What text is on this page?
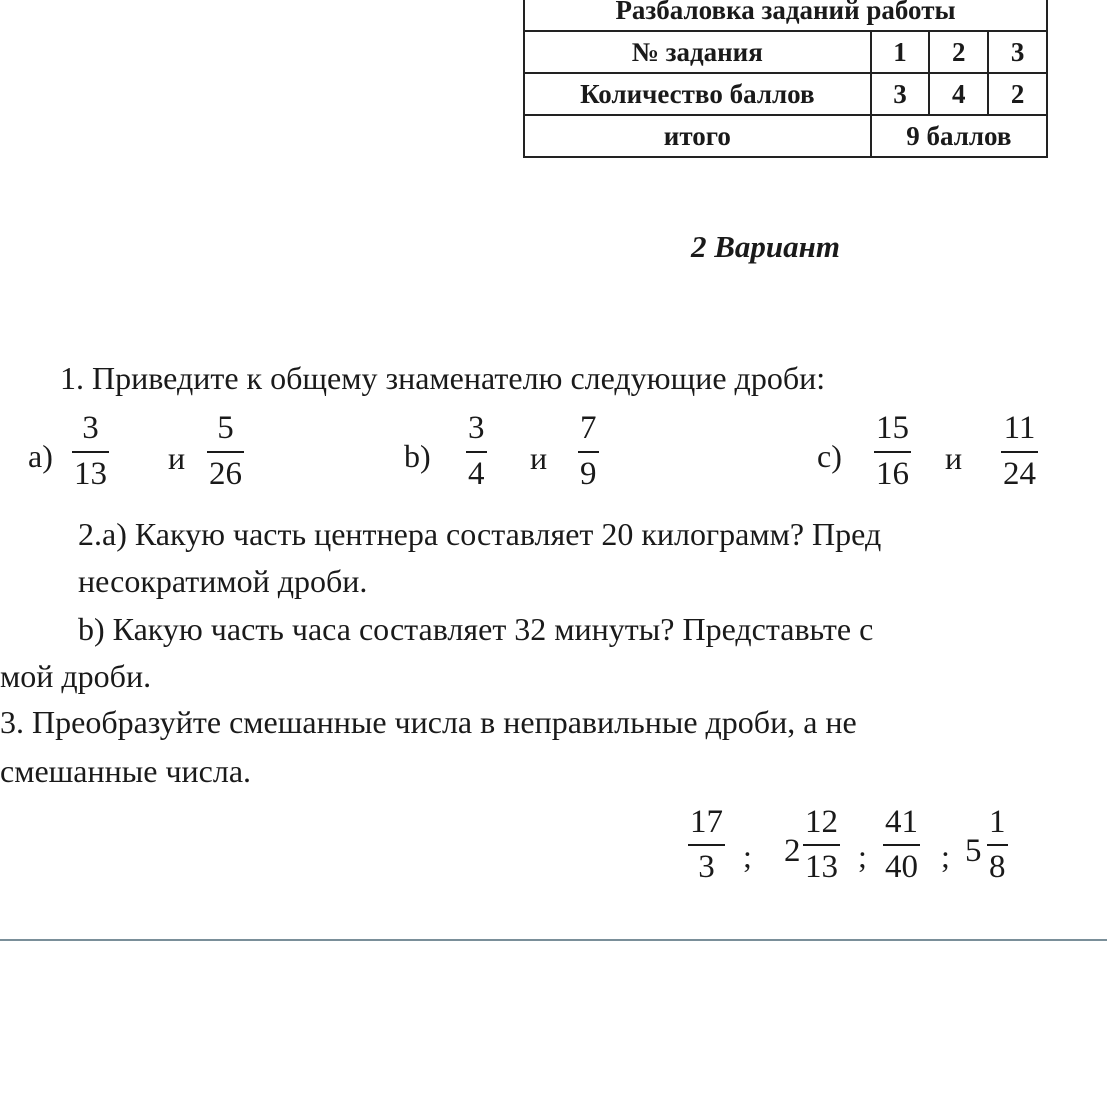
Разбаловка заданий работы			
№ задания	1	2	3
Количество баллов	3	4	2
итого	9 баллов		
2 Вариант
1. Приведите к общему знаменателю следующие дроби:
a)
3
13 и
5
26	b)
3
4 и
7
9	c)
15
16 и
11
24
2.а) Какую часть центнера составляет 20 килограмм? Пред
несократимой дроби.
b) Какую часть часа составляет 32 минуты? Представьте с
мой дроби.
3. Преобразуйте смешанные числа в неправильные дроби, а не
смешанные числа.
17
3 ; 2
12
13 ;
41
40 ; 5
1
8
